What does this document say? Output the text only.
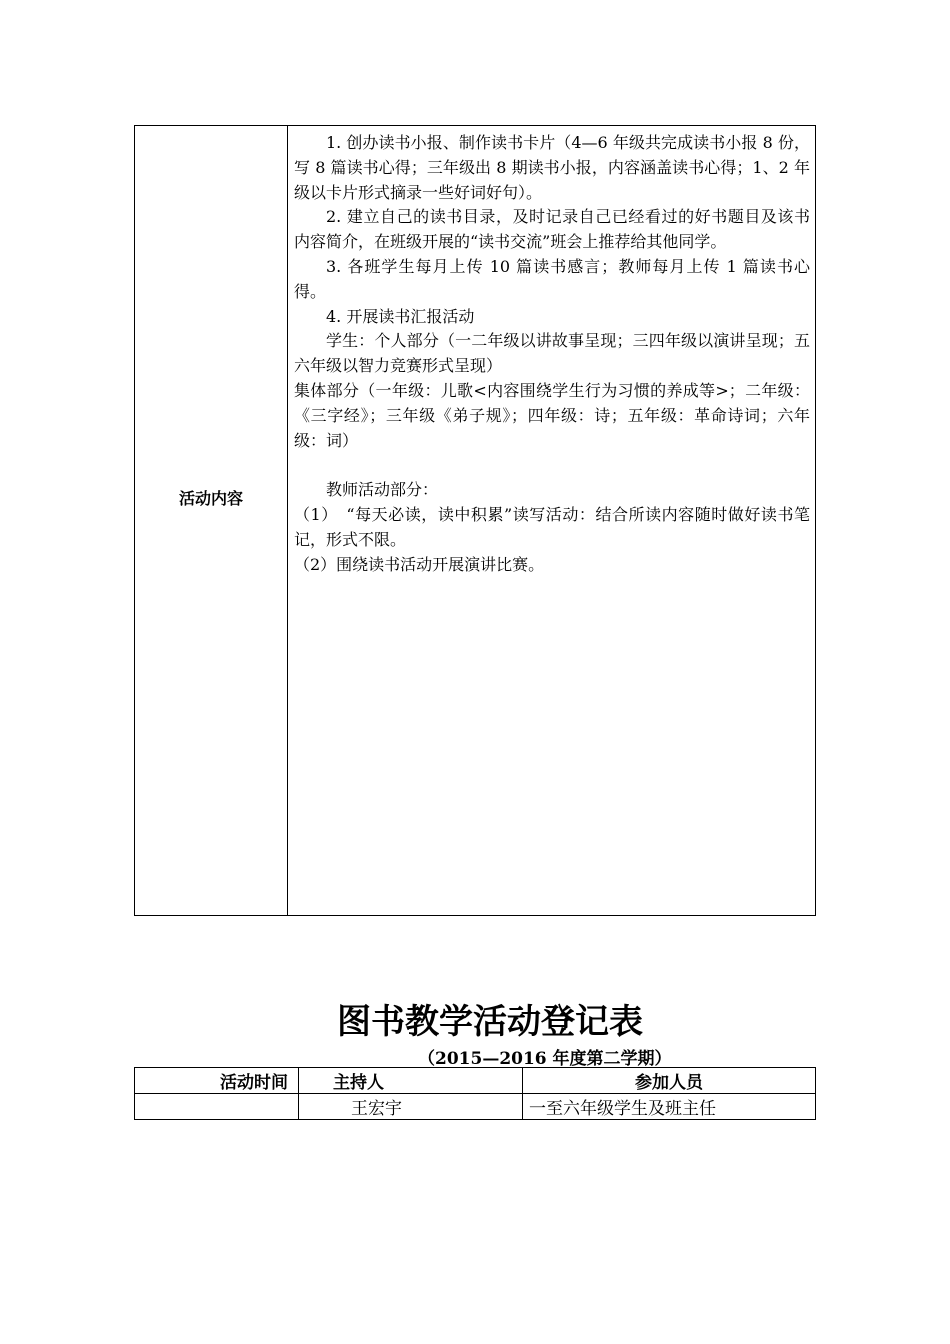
活动内容

1. 创办读书小报、制作读书卡片（4—6 年级共完成读书小报 8 份，写 8 篇读书心得；三年级出 8 期读书小报，内容涵盖读书心得；1、2 年级以卡片形式摘录一些好词好句）。

2. 建立自己的读书目录，及时记录自己已经看过的好书题目及该书内容简介，在班级开展的“读书交流”班会上推荐给其他同学。

3. 各班学生每月上传 10 篇读书感言；教师每月上传 1 篇读书心得。

4. 开展读书汇报活动

学生：个人部分（一二年级以讲故事呈现；三四年级以演讲呈现；五六年级以智力竞赛形式呈现）

集体部分（一年级：儿歌<内容围绕学生行为习惯的养成等>；二年级：《三字经》；三年级《弟子规》；四年级：诗；五年级：革命诗词；六年级：词）

教师活动部分：

（1）　“每天必读，读中积累”读写活动：结合所读内容随时做好读书笔记，形式不限。

（2）围绕读书活动开展演讲比赛。

图书教学活动登记表
（2015—2016 年度第二学期）
活动时间	主持人	参加人员
	王宏宇	一至六年级学生及班主任
